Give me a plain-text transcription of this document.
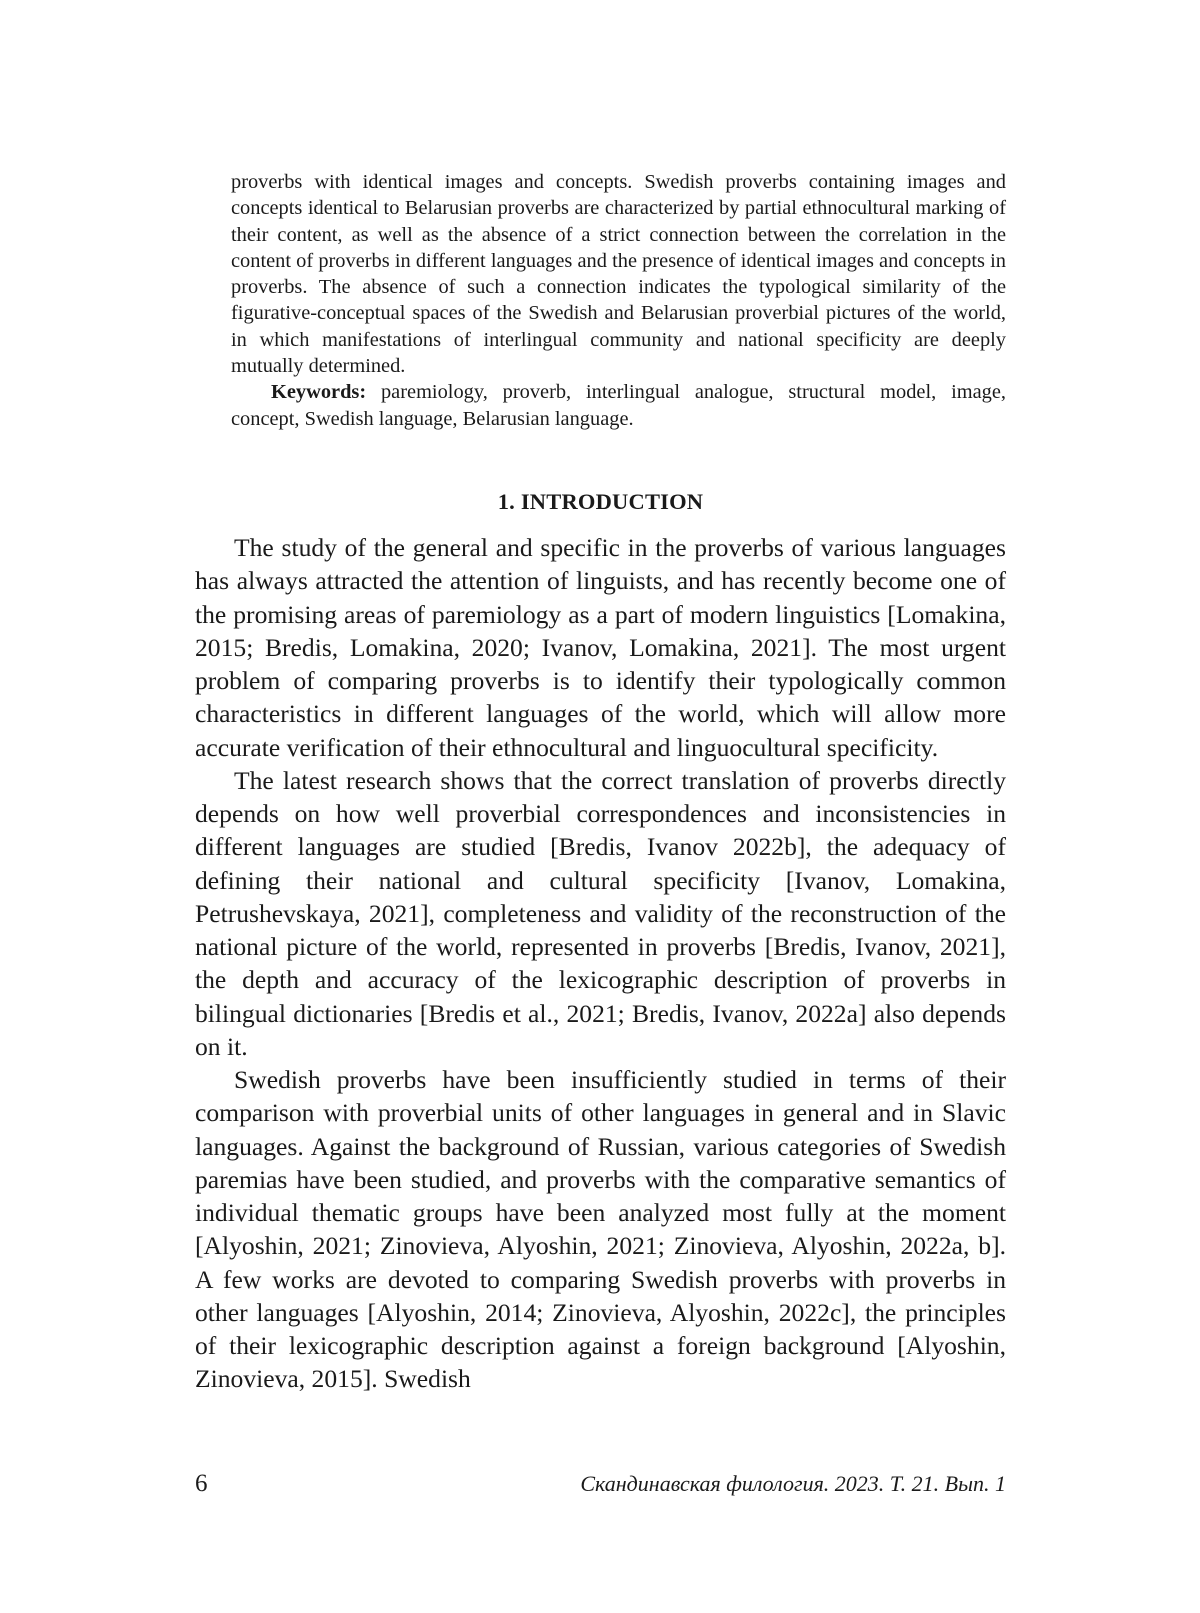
proverbs with identical images and concepts. Swedish proverbs containing images and concepts identical to Belarusian proverbs are characterized by partial ethnocultural marking of their content, as well as the absence of a strict connection between the correlation in the content of proverbs in different languages and the presence of identical images and concepts in proverbs. The absence of such a connection indicates the typological similarity of the figurative-conceptual spaces of the Swedish and Belarusian proverbial pictures of the world, in which manifestations of interlingual community and national specificity are deeply mutually determined.

Keywords: paremiology, proverb, interlingual analogue, structural model, image, concept, Swedish language, Belarusian language.

1. INTRODUCTION

The study of the general and specific in the proverbs of various languages has always attracted the attention of linguists, and has recently become one of the promising areas of paremiology as a part of modern linguistics [Lomakina, 2015; Bredis, Lomakina, 2020; Ivanov, Lomakina, 2021]. The most urgent problem of comparing proverbs is to identify their typologically common characteristics in different languages of the world, which will allow more accurate verification of their ethnocultural and linguocultural specificity.

The latest research shows that the correct translation of proverbs directly depends on how well proverbial correspondences and inconsistencies in different languages are studied [Bredis, Ivanov 2022b], the adequacy of defining their national and cultural specificity [Ivanov, Lomakina, Petrushevskaya, 2021], completeness and validity of the reconstruction of the national picture of the world, represented in proverbs [Bredis, Ivanov, 2021], the depth and accuracy of the lexicographic description of proverbs in bilingual dictionaries [Bredis et al., 2021; Bredis, Ivanov, 2022a] also depends on it.

Swedish proverbs have been insufficiently studied in terms of their comparison with proverbial units of other languages in general and in Slavic languages. Against the background of Russian, various categories of Swedish paremias have been studied, and proverbs with the comparative semantics of individual thematic groups have been analyzed most fully at the moment [Alyoshin, 2021; Zinovieva, Alyoshin, 2021; Zinovieva, Alyoshin, 2022a, b]. A few works are devoted to comparing Swedish proverbs with proverbs in other languages [Alyoshin, 2014; Zinovieva, Alyoshin, 2022c], the principles of their lexicographic description against a foreign background [Alyoshin, Zinovieva, 2015]. Swedish

6	Скандинавская филология. 2023. Т. 21. Вып. 1
